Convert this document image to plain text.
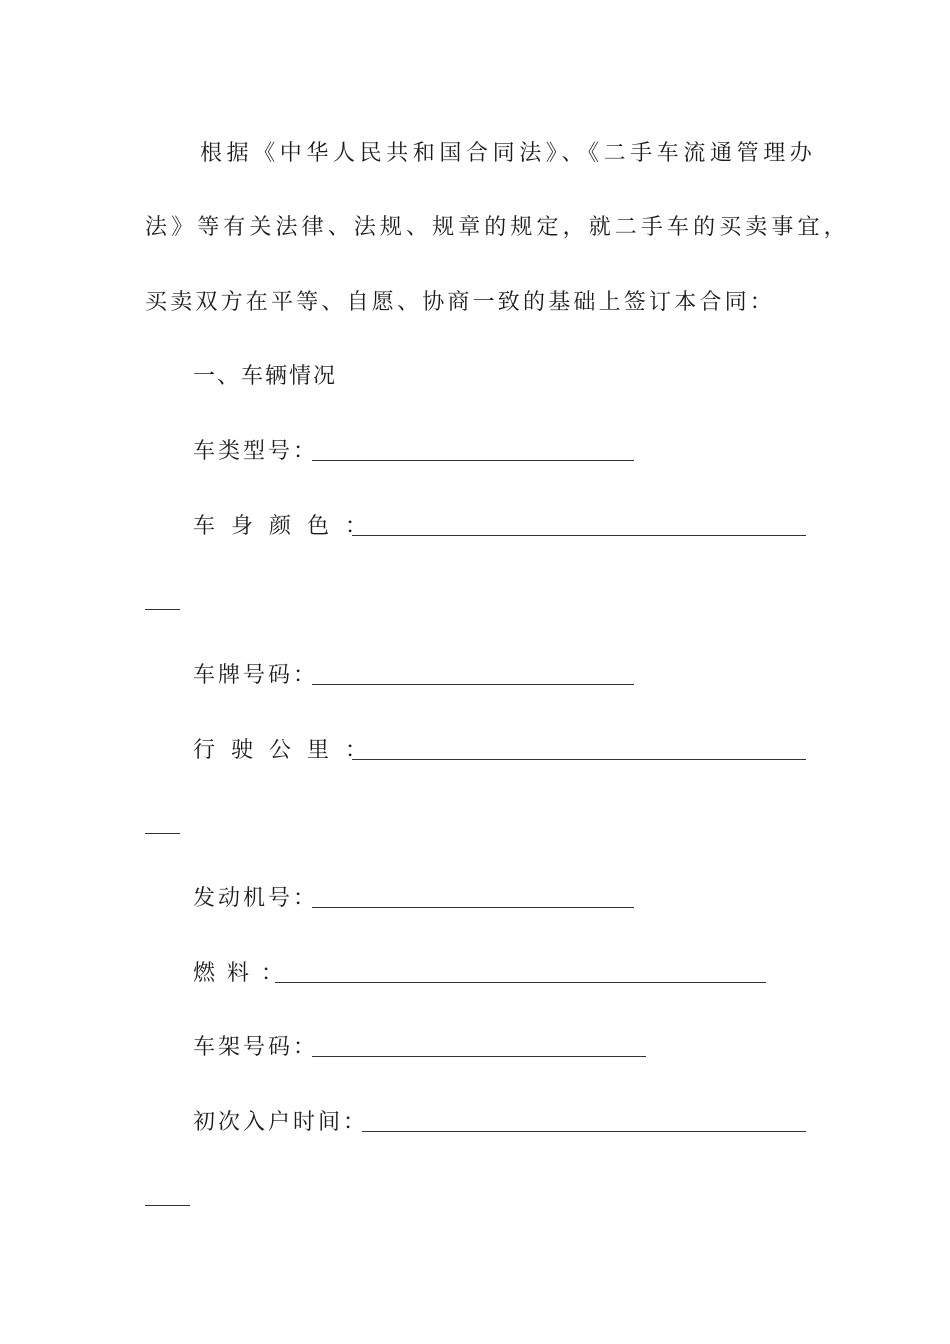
根据《中华人民共和国合同法》、《二手车流通管理办
法》等有关法律、法规、规章的规定，就二手车的买卖事宜，
买卖双方在平等、自愿、协商一致的基础上签订本合同：
一、车辆情况
车类型号：
车身颜色：
车牌号码：
行驶公里：
发动机号：
燃料：
车架号码：
初次入户时间：
